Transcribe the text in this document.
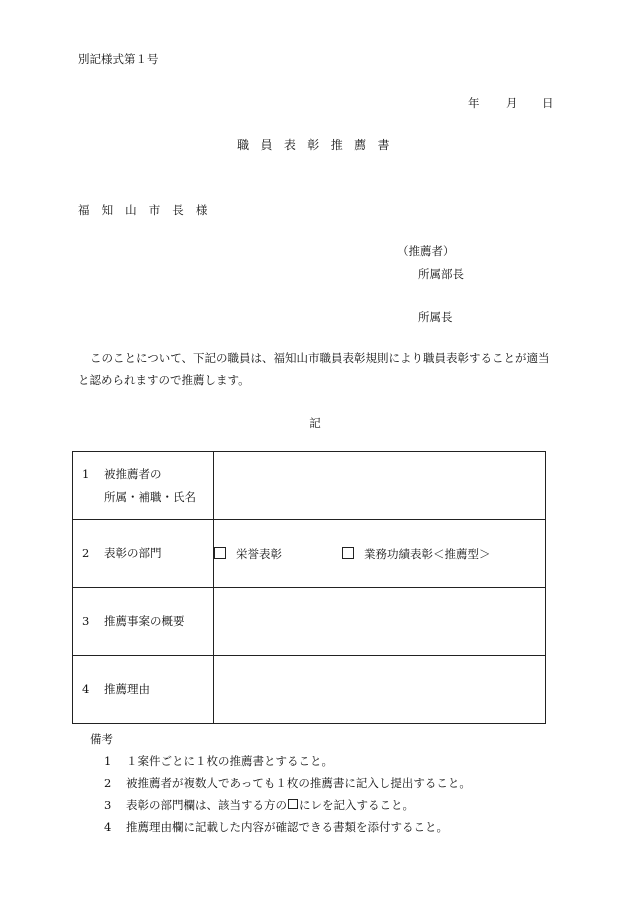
別記様式第１号
年 月 日
職員表彰推薦書
福知山市長様
（推薦者）
所属部長
所属長
このことについて、下記の職員は、福知山市職員表彰規則により職員表彰することが適当と認められますので推薦します。
記
1 被推薦者の
所属・補職・氏名	

2 表彰の部門	栄誉表彰 業務功績表彰＜推薦型＞
3 推薦事案の概要	
4 推薦理由	
備考
1 １案件ごとに１枚の推薦書とすること。
2 被推薦者が複数人であっても１枚の推薦書に記入し提出すること。
3 表彰の部門欄は、該当する方の にレを記入すること。
4 推薦理由欄に記載した内容が確認できる書類を添付すること。
